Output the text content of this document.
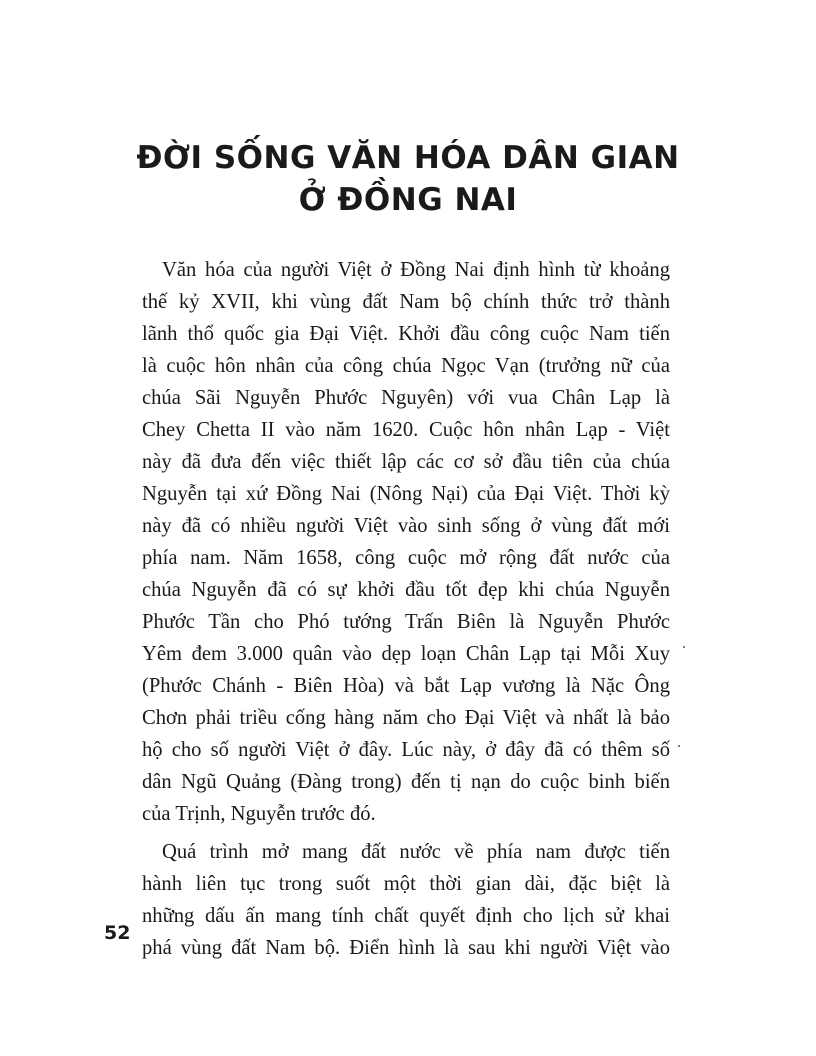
ĐỜI SỐNG VĂN HÓA DÂN GIAN
Ở ĐỒNG NAI
Văn hóa của người Việt ở Đồng Nai định hình từ khoảng
thế kỷ XVII, khi vùng đất Nam bộ chính thức trở thành
lãnh thổ quốc gia Đại Việt. Khởi đầu công cuộc Nam tiến
là cuộc hôn nhân của công chúa Ngọc Vạn (trưởng nữ của
chúa Sãi Nguyễn Phước Nguyên) với vua Chân Lạp là
Chey Chetta II vào năm 1620. Cuộc hôn nhân Lạp - Việt
này đã đưa đến việc thiết lập các cơ sở đầu tiên của chúa
Nguyễn tại xứ Đồng Nai (Nông Nại) của Đại Việt. Thời kỳ
này đã có nhiều người Việt vào sinh sống ở vùng đất mới
phía nam. Năm 1658, công cuộc mở rộng đất nước của
chúa Nguyễn đã có sự khởi đầu tốt đẹp khi chúa Nguyễn
Phước Tần cho Phó tướng Trấn Biên là Nguyễn Phước
Yêm đem 3.000 quân vào dẹp loạn Chân Lạp tại Mỗi Xuy
(Phước Chánh - Biên Hòa) và bắt Lạp vương là Nặc Ông
Chơn phải triều cống hàng năm cho Đại Việt và nhất là bảo
hộ cho số người Việt ở đây. Lúc này, ở đây đã có thêm số
dân Ngũ Quảng (Đàng trong) đến tị nạn do cuộc binh biến
của Trịnh, Nguyễn trước đó.
Quá trình mở mang đất nước về phía nam được tiến
hành liên tục trong suốt một thời gian dài, đặc biệt là
những dấu ấn mang tính chất quyết định cho lịch sử khai
phá vùng đất Nam bộ. Điển hình là sau khi người Việt vào
52
